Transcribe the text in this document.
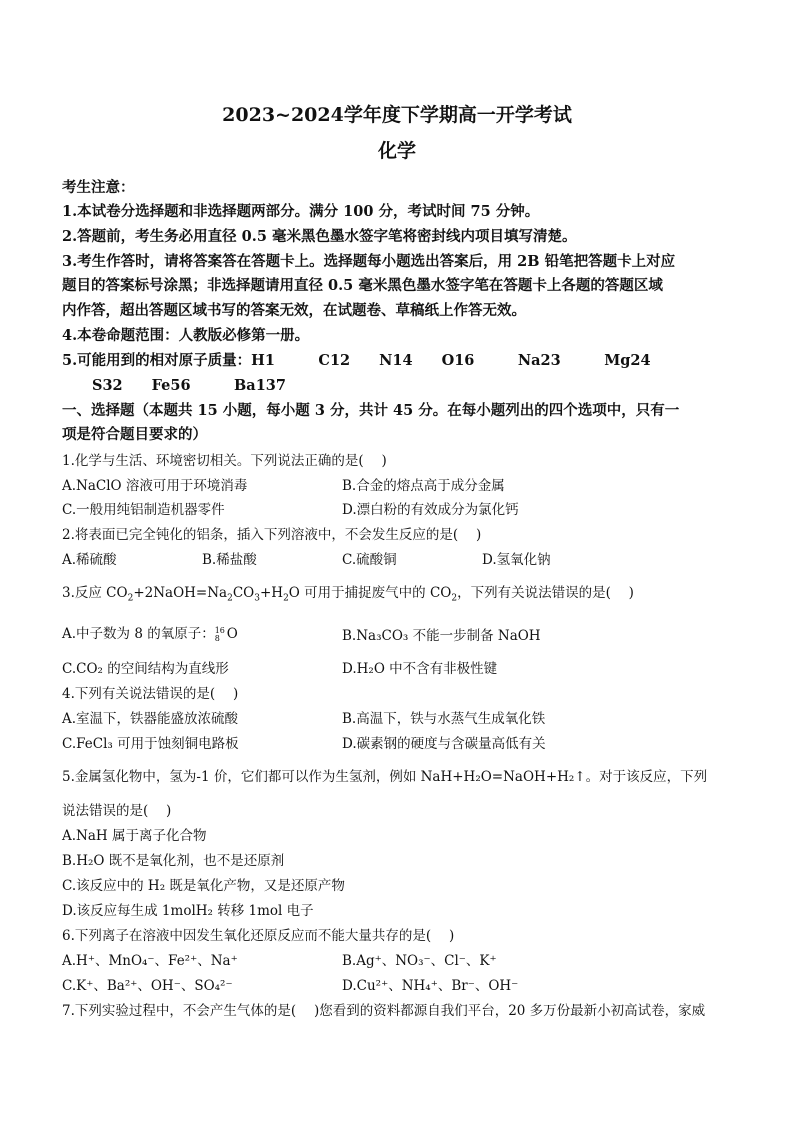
2023~2024学年度下学期高一开学考试
化学
考生注意：
1.本试卷分选择题和非选择题两部分。满分 100 分，考试时间 75 分钟。
2.答题前，考生务必用直径 0.5 毫米黑色墨水签字笔将密封线内项目填写清楚。
3.考生作答时，请将答案答在答题卡上。选择题每小题选出答案后，用 2B 铅笔把答题卡上对应
题目的答案标号涂黑；非选择题请用直径 0.5 毫米黑色墨水签字笔在答题卡上各题的答题区域
内作答，超出答题区域书写的答案无效，在试题卷、草稿纸上作答无效。
4.本卷命题范围：人教版必修第一册。
5.可能用到的相对原子质量：H1　　　C12　　N14　　O16　　　Na23　　　Mg24
S32　　Fe56　　　Ba137
一、选择题（本题共 15 小题，每小题 3 分，共计 45 分。在每小题列出的四个选项中，只有一
项是符合题目要求的）
1.化学与生活、环境密切相关。下列说法正确的是(　 )
A.NaClO 溶液可用于环境消毒	B.合金的熔点高于成分金属
C.一般用纯铝制造机器零件	D.漂白粉的有效成分为氯化钙
2.将表面已完全钝化的铝条，插入下列溶液中，不会发生反应的是(　 )
A.稀硫酸	B.稀盐酸	C.硫酸铜	D.氢氧化钠
3.反应 $CO_2+2NaOH=Na_2CO_3+H_2O$ 可用于捕捉废气中的 $CO_2$，下列有关说法错误的是(　 )
A.中子数为 8 的氧原子： 16
8 O	B.Na₃CO₃ 不能一步制备 NaOH
C.CO₂ 的空间结构为直线形	D.H₂O 中不含有非极性键
4.下列有关说法错误的是(　 )
A.室温下，铁器能盛放浓硫酸	B.高温下，铁与水蒸气生成氧化铁
C.FeCl₃ 可用于蚀刻铜电路板	D.碳素钢的硬度与含碳量高低有关
5.金属氢化物中，氢为-1 价，它们都可以作为生氢剂，例如 NaH+H₂O=NaOH+H₂↑。对于该反应，下列
说法错误的是(　 )
A.NaH 属于离子化合物
B.H₂O 既不是氧化剂，也不是还原剂
C.该反应中的 H₂ 既是氧化产物，又是还原产物
D.该反应每生成 1molH₂ 转移 1mol 电子
6.下列离子在溶液中因发生氧化还原反应而不能大量共存的是(　 )
A.H⁺、MnO₄⁻、Fe²⁺、Na⁺	B.Ag⁺、NO₃⁻、Cl⁻、K⁺
C.K⁺、Ba²⁺、OH⁻、SO₄²⁻	D.Cu²⁺、NH₄⁺、Br⁻、OH⁻
7.下列实验过程中，不会产生气体的是(　 )您看到的资料都源自我们平台，20 多万份最新小初高试卷，家威
